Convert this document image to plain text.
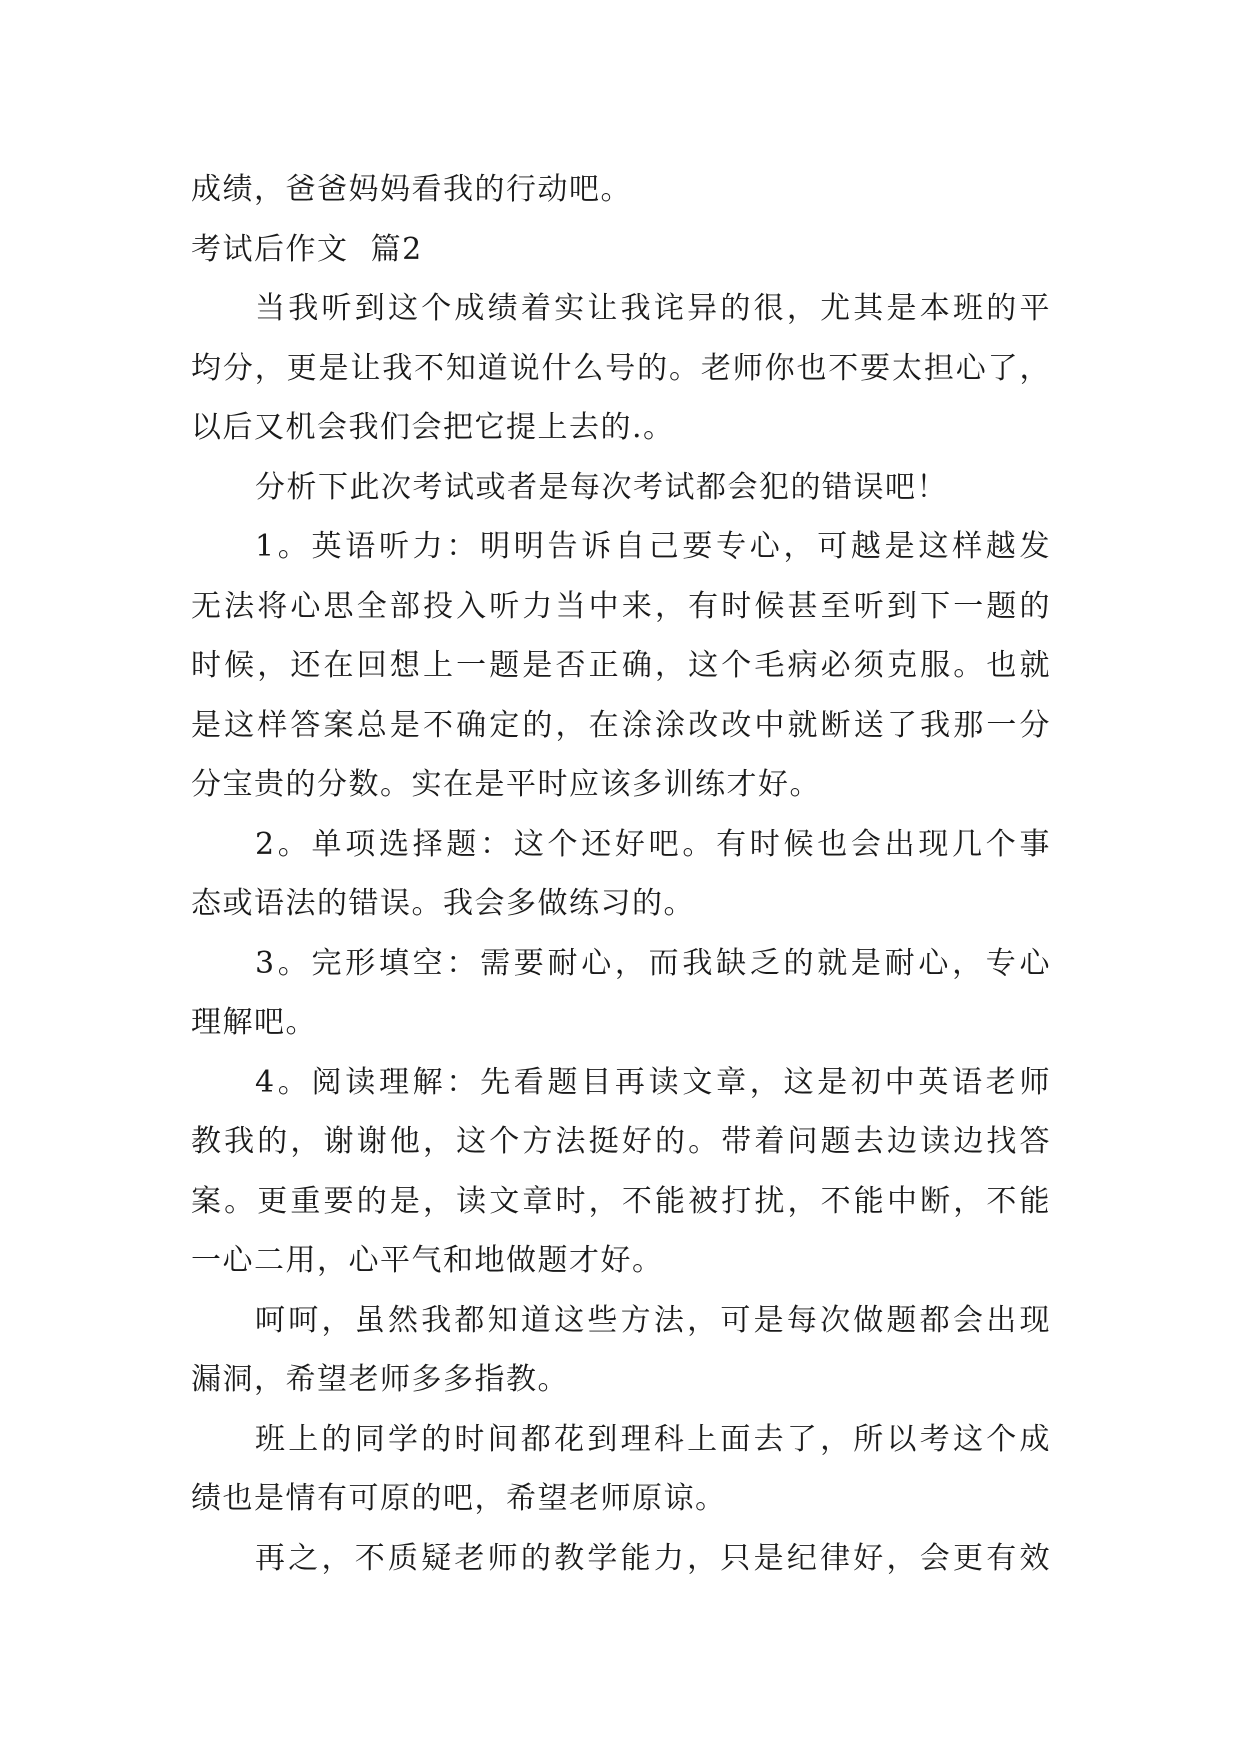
成绩，爸爸妈妈看我的行动吧。
考试后作文  篇2
当我听到这个成绩着实让我诧异的很，尤其是本班的平
均分，更是让我不知道说什么号的。老师你也不要太担心了，
以后又机会我们会把它提上去的.。
分析下此次考试或者是每次考试都会犯的错误吧！
1。英语听力：明明告诉自己要专心，可越是这样越发
无法将心思全部投入听力当中来，有时候甚至听到下一题的
时候，还在回想上一题是否正确，这个毛病必须克服。也就
是这样答案总是不确定的，在涂涂改改中就断送了我那一分
分宝贵的分数。实在是平时应该多训练才好。
2。单项选择题：这个还好吧。有时候也会出现几个事
态或语法的错误。我会多做练习的。
3。完形填空：需要耐心，而我缺乏的就是耐心，专心
理解吧。
4。阅读理解：先看题目再读文章，这是初中英语老师
教我的，谢谢他，这个方法挺好的。带着问题去边读边找答
案。更重要的是，读文章时，不能被打扰，不能中断，不能
一心二用，心平气和地做题才好。
呵呵，虽然我都知道这些方法，可是每次做题都会出现
漏洞，希望老师多多指教。
班上的同学的时间都花到理科上面去了，所以考这个成
绩也是情有可原的吧，希望老师原谅。
再之，不质疑老师的教学能力，只是纪律好，会更有效
